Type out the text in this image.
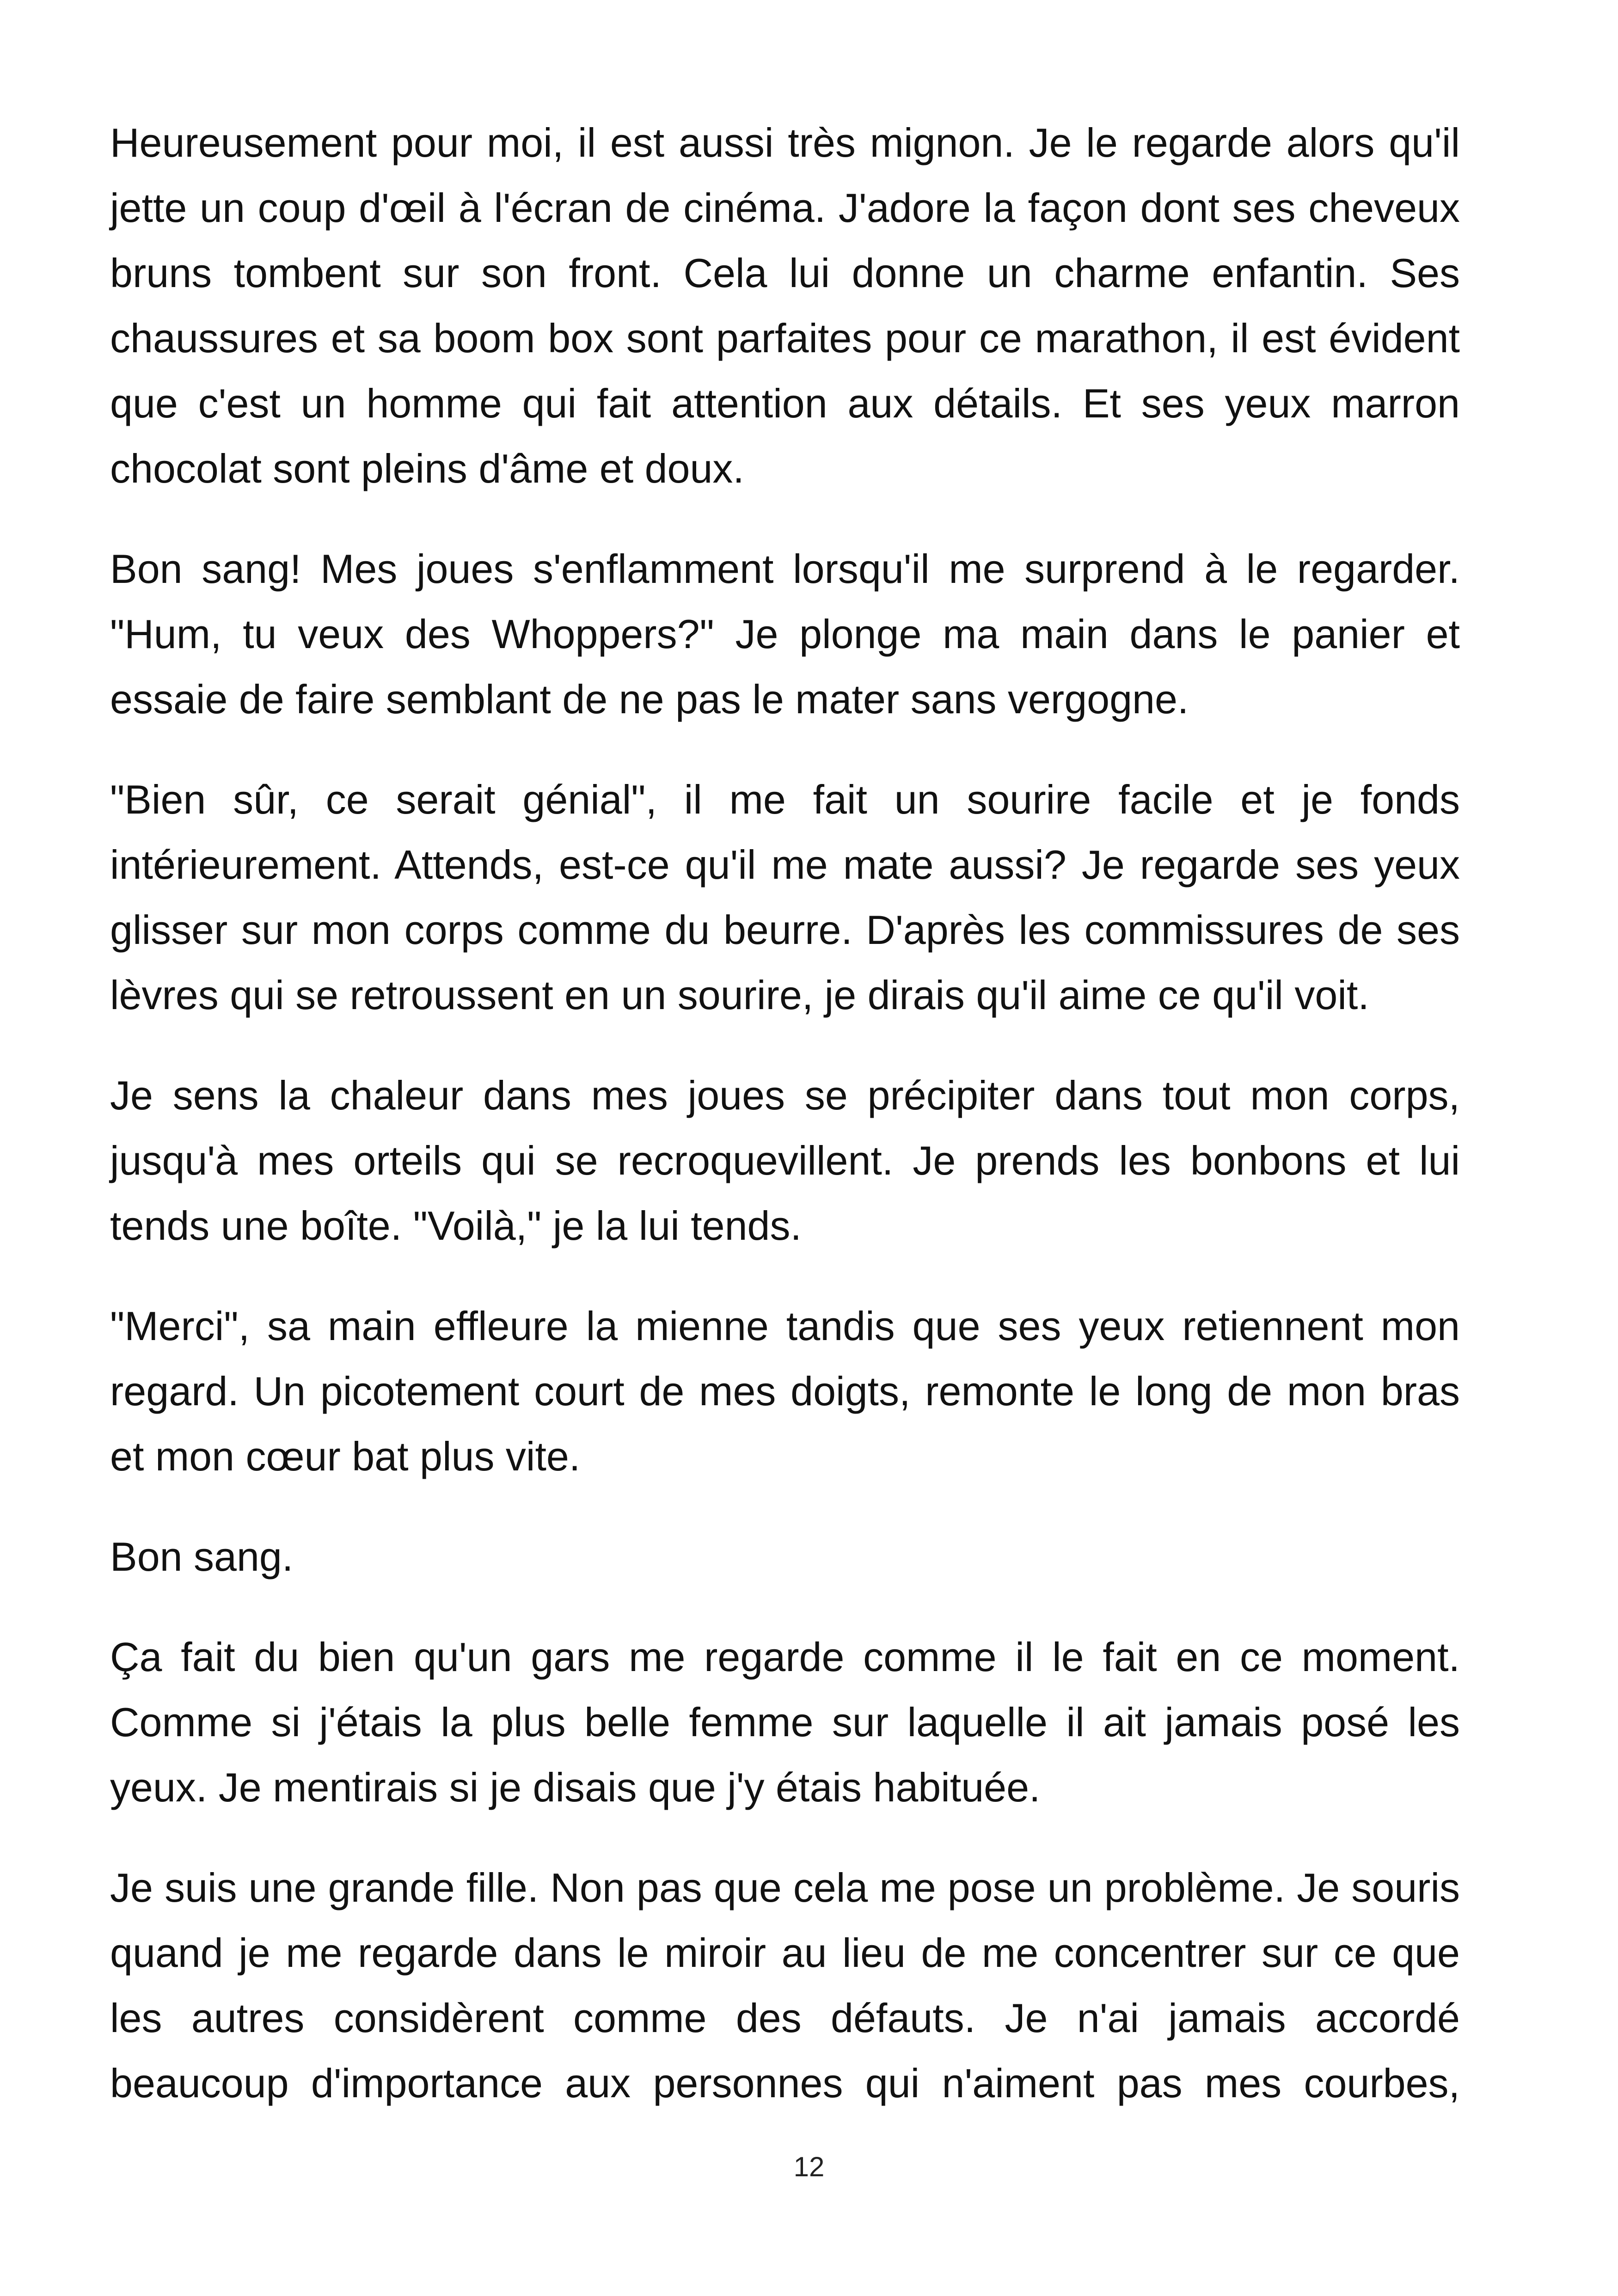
Heureusement pour moi, il est aussi très mignon. Je le regarde alors qu'il jette un coup d'œil à l'écran de cinéma. J'adore la façon dont ses cheveux bruns tombent sur son front. Cela lui donne un charme enfantin. Ses chaussures et sa boom box sont parfaites pour ce marathon, il est évident que c'est un homme qui fait attention aux détails. Et ses yeux marron chocolat sont pleins d'âme et doux.

Bon sang! Mes joues s'enflamment lorsqu'il me surprend à le regarder. "Hum, tu veux des Whoppers?" Je plonge ma main dans le panier et essaie de faire semblant de ne pas le mater sans vergogne.

"Bien sûr, ce serait génial", il me fait un sourire facile et je fonds intérieurement. Attends, est-ce qu'il me mate aussi? Je regarde ses yeux glisser sur mon corps comme du beurre. D'après les commissures de ses lèvres qui se retroussent en un sourire, je dirais qu'il aime ce qu'il voit.

Je sens la chaleur dans mes joues se précipiter dans tout mon corps, jusqu'à mes orteils qui se recroquevillent. Je prends les bonbons et lui tends une boîte. "Voilà," je la lui tends.

"Merci", sa main effleure la mienne tandis que ses yeux retiennent mon regard. Un picotement court de mes doigts, remonte le long de mon bras et mon cœur bat plus vite.

Bon sang.

Ça fait du bien qu'un gars me regarde comme il le fait en ce moment. Comme si j'étais la plus belle femme sur laquelle il ait jamais posé les yeux. Je mentirais si je disais que j'y étais habituée.

Je suis une grande fille. Non pas que cela me pose un problème. Je souris quand je me regarde dans le miroir au lieu de me concentrer sur ce que les autres considèrent comme des défauts. Je n'ai jamais accordé beaucoup d'importance aux personnes qui n'aiment pas mes courbes,

12
